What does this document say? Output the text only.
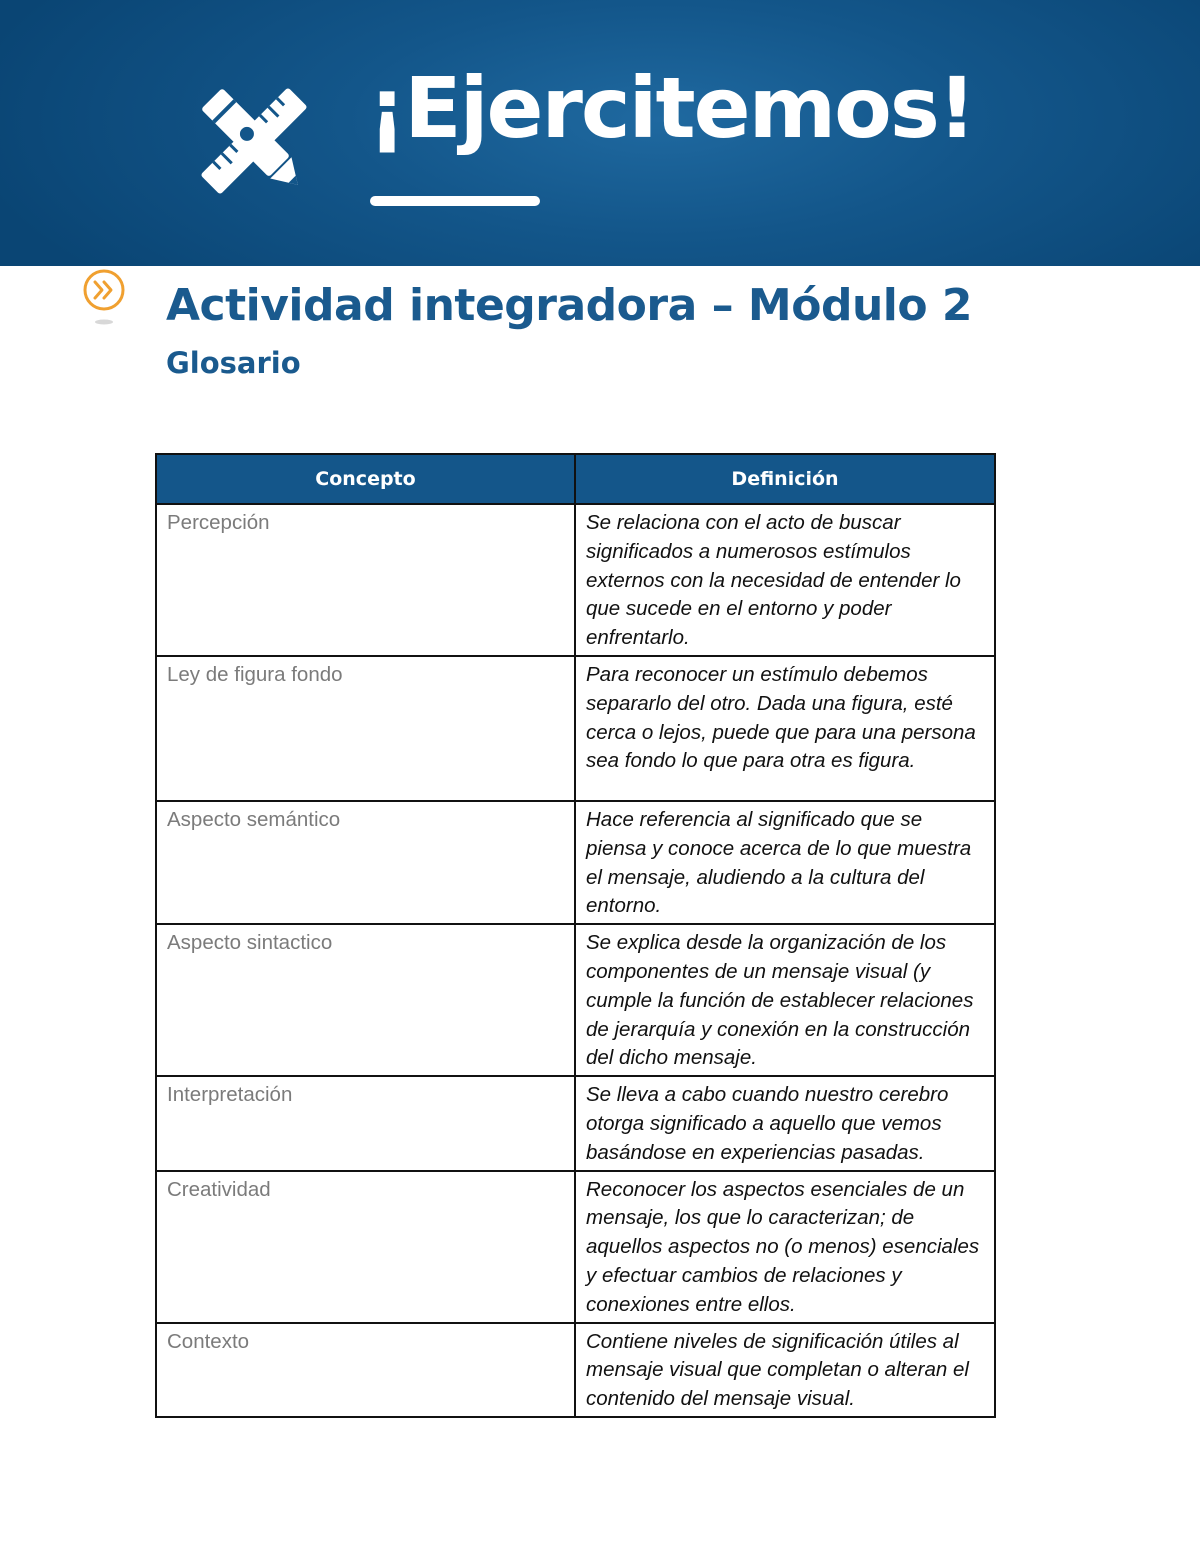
¡Ejercitemos!
Actividad integradora – Módulo 2
Glosario
Concepto	Definición
Percepción	Se relaciona con el acto de buscar significados a numerosos estímulos externos con la necesidad de entender lo que sucede en el entorno y poder enfrentarlo.
Ley de figura fondo	Para reconocer un estímulo debemos separarlo del otro. Dada una figura, esté cerca o lejos, puede que para una persona sea fondo lo que para otra es figura.
Aspecto semántico	Hace referencia al significado que se piensa y conoce acerca de lo que muestra el mensaje, aludiendo a la cultura del entorno.
Aspecto sintactico	Se explica desde la organización de los componentes de un mensaje visual (y cumple la función de establecer relaciones de jerarquía y conexión en la construcción del dicho mensaje.
Interpretación	Se lleva a cabo cuando nuestro cerebro otorga significado a aquello que vemos basándose en experiencias pasadas.
Creatividad	Reconocer los aspectos esenciales de un mensaje, los que lo caracterizan; de aquellos aspectos no (o menos) esenciales y efectuar cambios de relaciones y conexiones entre ellos.
Contexto	Contiene niveles de significación útiles al mensaje visual que completan o alteran el contenido del mensaje visual.
